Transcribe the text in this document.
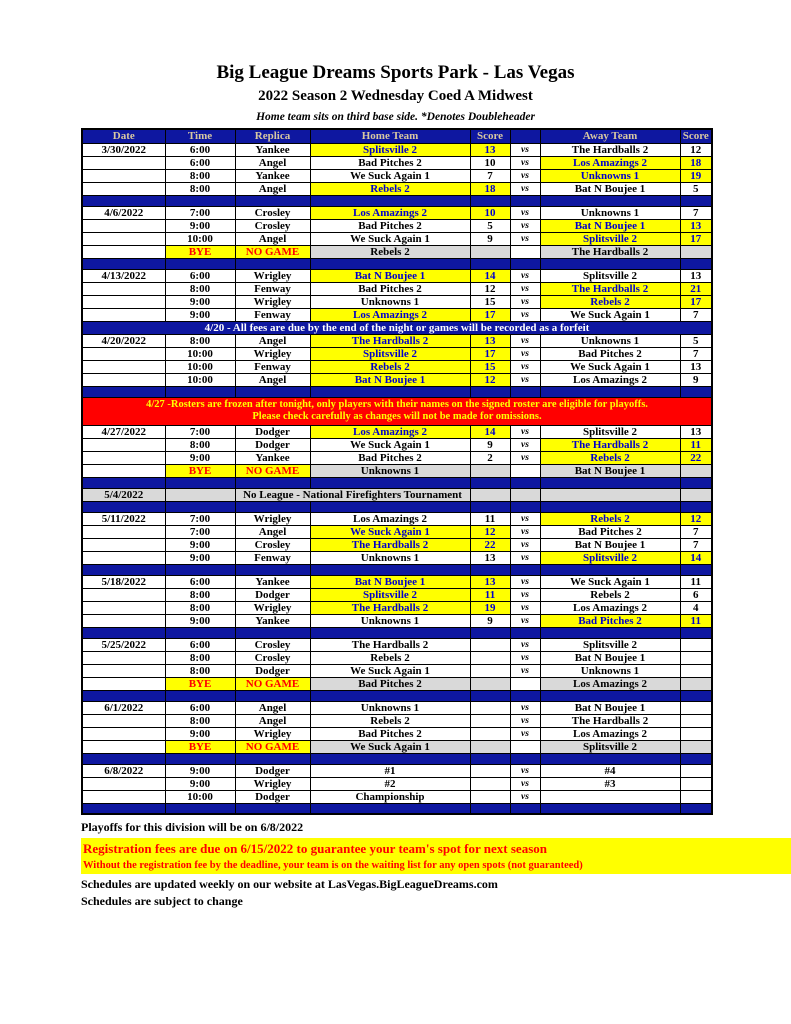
Big League Dreams Sports Park - Las Vegas
2022 Season 2 Wednesday Coed A Midwest
Home team sits on third base side. *Denotes Doubleheader
Date	Time	Replica	Home Team	Score		Away Team	Score
3/30/2022	6:00	Yankee	Splitsville 2	13	vs	The Hardballs 2	12
	6:00	Angel	Bad Pitches 2	10	vs	Los Amazings 2	18
	8:00	Yankee	We Suck Again 1	7	vs	Unknowns 1	19
	8:00	Angel	Rebels 2	18	vs	Bat N Boujee 1	5

4/6/2022	7:00	Crosley	Los Amazings 2	10	vs	Unknowns 1	7
	9:00	Crosley	Bad Pitches 2	5	vs	Bat N Boujee 1	13
	10:00	Angel	We Suck Again 1	9	vs	Splitsville 2	17
	BYE	NO GAME	Rebels 2			The Hardballs 2	

4/13/2022	6:00	Wrigley	Bat N Boujee 1	14	vs	Splitsville 2	13
	8:00	Fenway	Bad Pitches 2	12	vs	The Hardballs 2	21
	9:00	Wrigley	Unknowns 1	15	vs	Rebels 2	17
	9:00	Fenway	Los Amazings 2	17	vs	We Suck Again 1	7
4/20 - All fees are due by the end of the night or games will be recorded as a forfeit							
4/20/2022	8:00	Angel	The Hardballs 2	13	vs	Unknowns 1	5
	10:00	Wrigley	Splitsville 2	17	vs	Bad Pitches 2	7
	10:00	Fenway	Rebels 2	15	vs	We Suck Again 1	13
	10:00	Angel	Bat N Boujee 1	12	vs	Los Amazings 2	9

4/27 -Rosters are frozen after tonight, only players with their names on the signed roster are eligible for playoffs.
Please check carefully as changes will not be made for omissions.							

4/27/2022	7:00	Dodger	Los Amazings 2	14	vs	Splitsville 2	13
	8:00	Dodger	We Suck Again 1	9	vs	The Hardballs 2	11
	9:00	Yankee	Bad Pitches 2	2	vs	Rebels 2	22
	BYE	NO GAME	Unknowns 1			Bat N Boujee 1	

5/4/2022		No League - National Firefighters Tournament					

5/11/2022	7:00	Wrigley	Los Amazings 2	11	vs	Rebels 2	12
	7:00	Angel	We Suck Again 1	12	vs	Bad Pitches 2	7
	9:00	Crosley	The Hardballs 2	22	vs	Bat N Boujee 1	7
	9:00	Fenway	Unknowns 1	13	vs	Splitsville 2	14

5/18/2022	6:00	Yankee	Bat N Boujee 1	13	vs	We Suck Again 1	11
	8:00	Dodger	Splitsville 2	11	vs	Rebels 2	6
	8:00	Wrigley	The Hardballs 2	19	vs	Los Amazings 2	4
	9:00	Yankee	Unknowns 1	9	vs	Bad Pitches 2	11

5/25/2022	6:00	Crosley	The Hardballs 2		vs	Splitsville 2	
	8:00	Crosley	Rebels 2		vs	Bat N Boujee 1	
	8:00	Dodger	We Suck Again 1		vs	Unknowns 1	
	BYE	NO GAME	Bad Pitches 2			Los Amazings 2	

6/1/2022	6:00	Angel	Unknowns 1		vs	Bat N Boujee 1	
	8:00	Angel	Rebels 2		vs	The Hardballs 2	
	9:00	Wrigley	Bad Pitches 2		vs	Los Amazings 2	
	BYE	NO GAME	We Suck Again 1			Splitsville 2	

6/8/2022	9:00	Dodger	#1		vs	#4	
	9:00	Wrigley	#2		vs	#3	
	10:00	Dodger	Championship		vs		

Playoffs for this division will be on 6/8/2022
Registration fees are due on 6/15/2022 to guarantee your team's spot for next season
Without the registration fee by the deadline, your team is on the waiting list for any open spots (not guaranteed)
Schedules are updated weekly on our website at LasVegas.BigLeagueDreams.com
Schedules are subject to change
